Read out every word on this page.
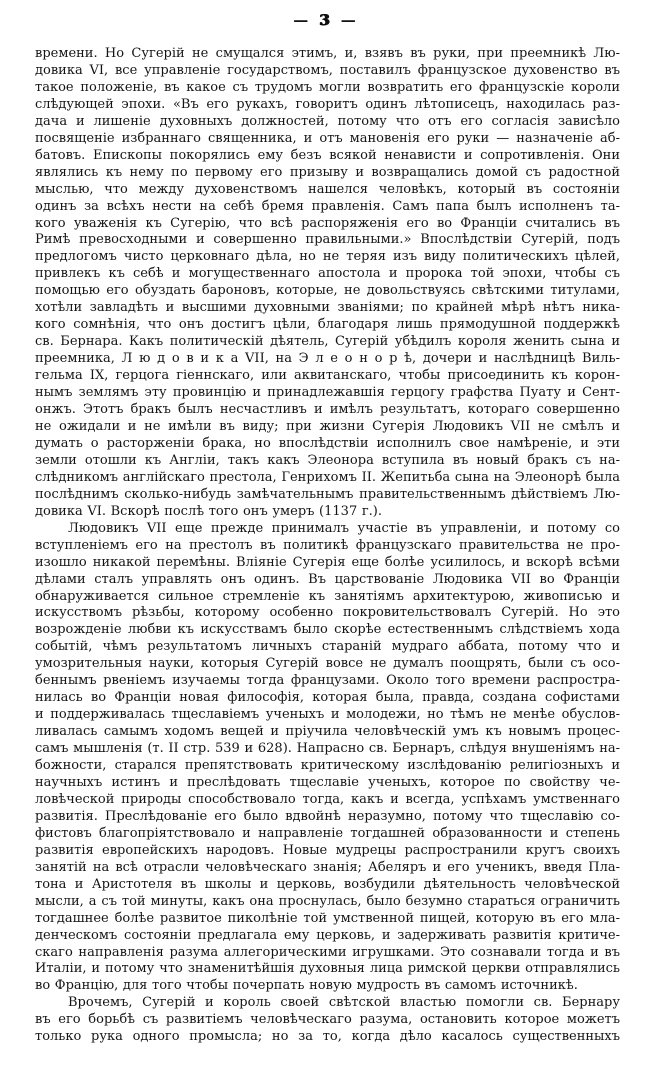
— 3 —
времени. Но Сугерій не смущался этимъ, и, взявъ въ руки, при преемникѣ Лю-
довика VI, все управленіе государствомъ, поставилъ французское духовенство въ
такое положеніе, въ какое съ трудомъ могли возвратить его французскіе короли
слѣдующей эпохи. «Въ его рукахъ, говоритъ одинъ лѣтописецъ, находилась раз-
дача и лишеніе духовныхъ должностей, потому что отъ его согласія зависѣло
посвященіе избраннаго священника, и отъ мановенія его руки — назначеніе аб-
батовъ. Епископы покорялись ему безъ всякой ненависти и сопротивленія. Они
являлись къ нему по первому его призыву и возвращались домой съ радостной
мыслью, что между духовенствомъ нашелся человѣкъ, который въ состояніи
одинъ за всѣхъ нести на себѣ бремя правленія. Самъ папа былъ исполненъ та-
кого уваженія къ Сугерію, что всѣ распоряженія его во Франціи считались въ
Римѣ превосходными и совершенно правильными.» Впослѣдствіи Сугерій, подъ
предлогомъ чисто церковнаго дѣла, но не теряя изъ виду политическихъ цѣлей,
привлекъ къ себѣ и могущественнаго апостола и пророка той эпохи, чтобы съ
помощью его обуздать бароновъ, которые, не довольствуясь свѣтскими титулами,
хотѣли завладѣть и высшими духовными званіями; по крайней мѣрѣ нѣтъ ника-
кого сомнѣнія, что онъ достигъ цѣли, благодаря лишь прямодушной поддержкѣ
св. Бернара. Какъ политическій дѣятель, Сугерій убѣдилъ короля женить сына и
преемника, Л ю д о в и к а VII, на Э л е о н о р ѣ, дочери и наслѣдницѣ Виль-
гельма IX, герцога гіеннскаго, или аквитанскаго, чтобы присоединить къ корон-
нымъ землямъ эту провинцію и принадлежавшія герцогу графства Пуату и Сент-
онжъ. Этотъ бракъ былъ несчастливъ и имѣлъ результатъ, котораго совершенно
не ожидали и не имѣли въ виду; при жизни Сугерія Людовикъ VII не смѣлъ и
думать о расторженіи брака, но впослѣдствіи исполнилъ свое намѣреніе, и эти
земли отошли къ Англіи, такъ какъ Элеонора вступила въ новый бракъ съ на-
слѣдникомъ англійскаго престола, Генрихомъ II. Жепитьба сына на Элеонорѣ была
послѣднимъ сколько-нибудь замѣчательнымъ правительственнымъ дѣйствіемъ Лю-
довика VI. Вскорѣ послѣ того онъ умеръ (1137 г.).
Людовикъ VII еще прежде принималъ участіе въ управленіи, и потому со
вступленіемъ его на престолъ въ политикѣ французскаго правительства не про-
изошло никакой перемѣны. Вліяніе Сугерія еще болѣе усилилось, и вскорѣ всѣми
дѣлами сталъ управлять онъ одинъ. Въ царствованіе Людовика VII во Франціи
обнаруживается сильное стремленіе къ занятіямъ архитектурою, живописью и
искусствомъ рѣзьбы, которому особенно покровительствовалъ Сугерій. Но это
возрожденіе любви къ искусствамъ было скорѣе естественнымъ слѣдствіемъ хода
событій, чѣмъ результатомъ личныхъ стараній мудраго аббата, потому что и
умозрительныя науки, которыя Сугерій вовсе не думалъ поощрять, были съ осо-
беннымъ рвеніемъ изучаемы тогда французами. Около того времени распростра-
нилась во Франціи новая философія, которая была, правда, создана софистами
и поддерживалась тщеславіемъ ученыхъ и молодежи, но тѣмъ не менѣе обуслов-
ливалась самымъ ходомъ вещей и пріучила человѣческій умъ къ новымъ процес-
самъ мышленія (т. II стр. 539 и 628). Напрасно св. Бернаръ, слѣдуя внушеніямъ на-
божности, старался препятствовать критическому изслѣдованію религіозныхъ и
научныхъ истинъ и преслѣдовать тщеславіе ученыхъ, которое по свойству че-
ловѣческой природы способствовало тогда, какъ и всегда, успѣхамъ умственнаго
развитія. Преслѣдованіе его было вдвойнѣ неразумно, потому что тщеславію со-
фистовъ благопріятствовало и направленіе тогдашней образованности и степень
развитія европейскихъ народовъ. Новые мудрецы распространили кругъ своихъ
занятій на всѣ отрасли человѣческаго знанія; Абеляръ и его ученикъ, введя Пла-
тона и Аристотеля въ школы и церковь, возбудили дѣятельность человѣческой
мысли, а съ той минуты, какъ она проснулась, было безумно стараться ограничить
тогдашнее болѣе развитое пиколѣніе той умственной пищей, которую въ его мла-
денческомъ состояніи предлагала ему церковь, и задерживать развитія критиче-
скаго направленія разума аллегорическими игрушками. Это сознавали тогда и въ
Италіи, и потому что знаменитѣйшія духовныя лица римской церкви отправлялись
во Францію, для того чтобы почерпать новую мудрость въ самомъ источникѣ.
Врочемъ, Сугерій и король своей свѣтской властью помогли св. Бернару
въ его борьбѣ съ развитіемъ человѣческаго разума, остановить которое можетъ
только рука одного промысла; но за то, когда дѣло касалось существенныхъ
